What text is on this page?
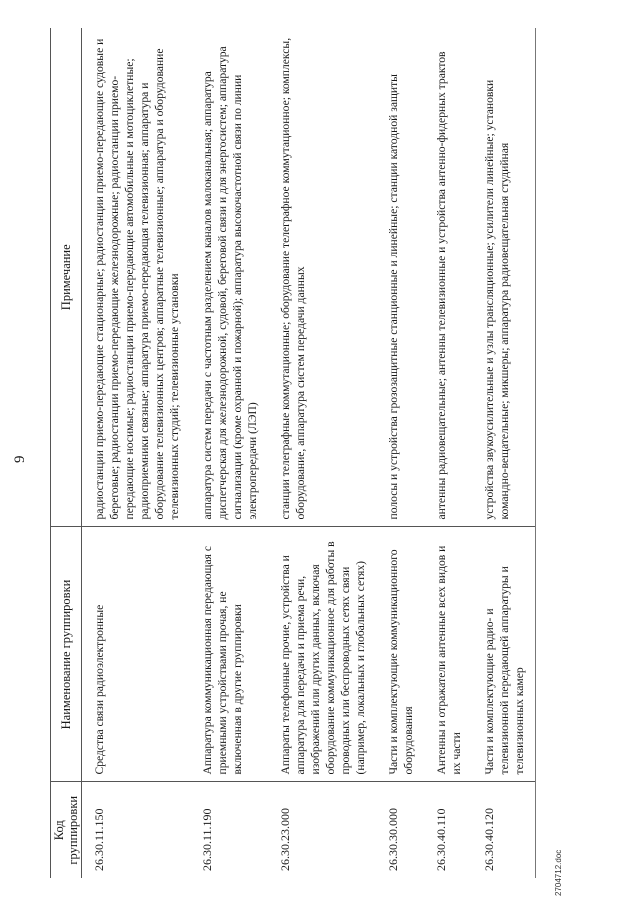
9
2704712.doc
Код группировки	Наименование группировки	Примечание
26.30.11.150	Средства связи радиоэлектронные	радиостанции приемо-передающие стационарные; радиостанции приемо-передающие судовые и береговые; радиостанции приемо-передающие железнодорожные; радиостанции приемо-передающие носимые; радиостанции приемо-передающие автомобильные и мотоциклетные; радиоприемники связные; аппаратура приемо-передающая телевизионная; аппаратура и оборудование телевизионных центров; аппаратные телевизионные; аппаратура и оборудование телевизионных студий; телевизионные установки
26.30.11.190	Аппаратура коммуникационная передающая с приемными устройствами прочая, не включенная в другие группировки	аппаратура систем передачи с частотным разделением каналов малоканальная; аппаратура диспетчерская для железнодорожной, судовой, береговой связи и для энергосистем; аппаратура сигнализации (кроме охранной и пожарной); аппаратура высокочастотной связи по линии электропередачи (ЛЭП)
26.30.23.000	Аппараты телефонные прочие, устройства и аппаратура для передачи и приема речи, изображений или других данных, включая оборудование коммуникационное для работы в проводных или беспроводных сетях связи (например, локальных и глобальных сетях)	станции телеграфные коммутационные; оборудование телеграфное коммутационное; комплексы, оборудование, аппаратура систем передачи данных
26.30.30.000	Части и комплектующие коммуникационного оборудования	полосы и устройства грозозащитные станционные и линейные; станции катодной защиты
26.30.40.110	Антенны и отражатели антенные всех видов и их части	антенны радиовещательные; антенны телевизионные и устройства антенно-фидерных трактов
26.30.40.120	Части и комплектующие радио- и телевизионной передающей аппаратуры и телевизионных камер	устройства звукоусилительные и узлы трансляционные; усилители линейные; установки командно-вещательные; микшеры; аппаратура радиовещательная студийная
